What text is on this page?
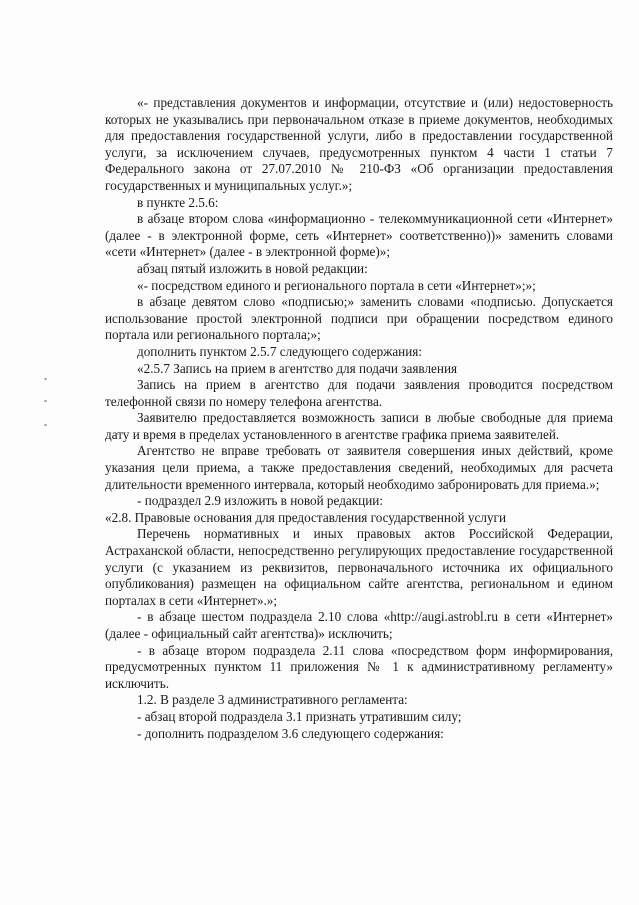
«- представления документов и информации, отсутствие и (или) недостоверность которых не указывались при первоначальном отказе в приеме документов, необходимых для предоставления государственной услуги, либо в предоставлении государственной услуги, за исключением случаев, предусмотренных пунктом 4 части 1 статьи 7 Федерального закона от 27.07.2010 № 210-ФЗ «Об организации предоставления государственных и муниципальных услуг.»;

в пункте 2.5.6:

в абзаце втором слова «информационно - телекоммуникационной сети «Интернет» (далее - в электронной форме, сеть «Интернет» соответственно))» заменить словами «сети «Интернет» (далее - в электронной форме)»;

абзац пятый изложить в новой редакции:

«- посредством единого и регионального портала в сети «Интернет»;»;

в абзаце девятом слово «подписью;» заменить словами «подписью. Допускается использование простой электронной подписи при обращении посредством единого портала или регионального портала;»;

дополнить пунктом 2.5.7 следующего содержания:

«2.5.7 Запись на прием в агентство для подачи заявления

Запись на прием в агентство для подачи заявления проводится посредством телефонной связи по номеру телефона агентства.

Заявителю предоставляется возможность записи в любые свободные для приема дату и время в пределах установленного в агентстве графика приема заявителей.

Агентство не вправе требовать от заявителя совершения иных действий, кроме указания цели приема, а также предоставления сведений, необходимых для расчета длительности временного интервала, который необходимо забронировать для приема.»;

- подраздел 2.9 изложить в новой редакции:

«2.8. Правовые основания для предоставления государственной услуги

Перечень нормативных и иных правовых актов Российской Федерации, Астраханской области, непосредственно регулирующих предоставление государственной услуги (с указанием из реквизитов, первоначального источника их официального опубликования) размещен на официальном сайте агентства, региональном и едином порталах в сети «Интернет».»;

- в абзаце шестом подраздела 2.10 слова «http://augi.astrobl.ru в сети «Интернет» (далее - официальный сайт агентства)» исключить;

- в абзаце втором подраздела 2.11 слова «посредством форм информирования, предусмотренных пунктом 11 приложения № 1 к административному регламенту» исключить.

1.2. В разделе 3 административного регламента:

- абзац второй подраздела 3.1 признать утратившим силу;

- дополнить подразделом 3.6 следующего содержания:
